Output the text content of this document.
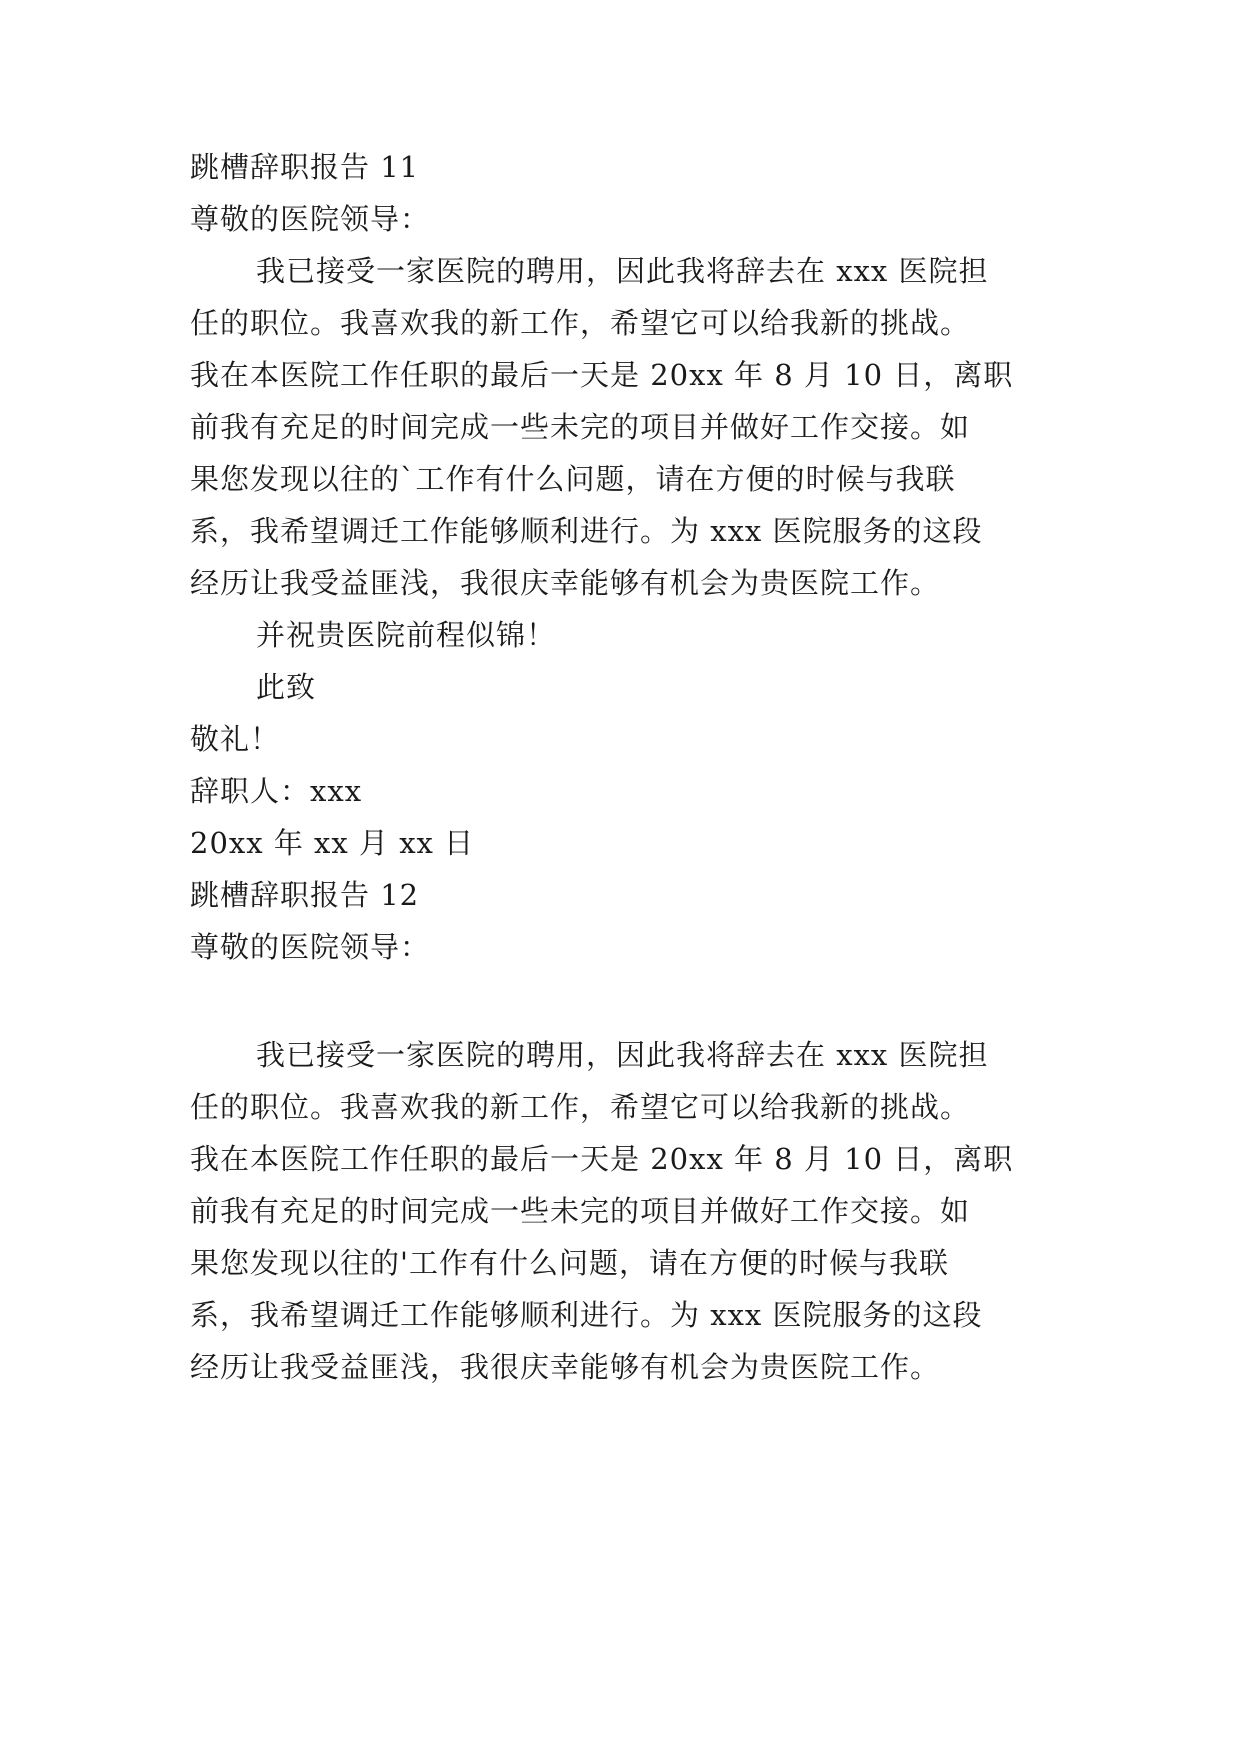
跳槽辞职报告 11
尊敬的医院领导：
我已接受一家医院的聘用，因此我将辞去在 xxx 医院担
任的职位。我喜欢我的新工作，希望它可以给我新的挑战。
我在本医院工作任职的最后一天是 20xx 年 8 月 10 日，离职
前我有充足的时间完成一些未完的项目并做好工作交接。如
果您发现以往的`工作有什么问题，请在方便的时候与我联
系，我希望调迁工作能够顺利进行。为 xxx 医院服务的这段
经历让我受益匪浅，我很庆幸能够有机会为贵医院工作。
并祝贵医院前程似锦！
此致
敬礼！
辞职人：xxx
20xx 年 xx 月 xx 日
跳槽辞职报告 12
尊敬的医院领导：
我已接受一家医院的聘用，因此我将辞去在 xxx 医院担
任的职位。我喜欢我的新工作，希望它可以给我新的挑战。
我在本医院工作任职的最后一天是 20xx 年 8 月 10 日，离职
前我有充足的时间完成一些未完的项目并做好工作交接。如
果您发现以往的'工作有什么问题，请在方便的时候与我联
系，我希望调迁工作能够顺利进行。为 xxx 医院服务的这段
经历让我受益匪浅，我很庆幸能够有机会为贵医院工作。
